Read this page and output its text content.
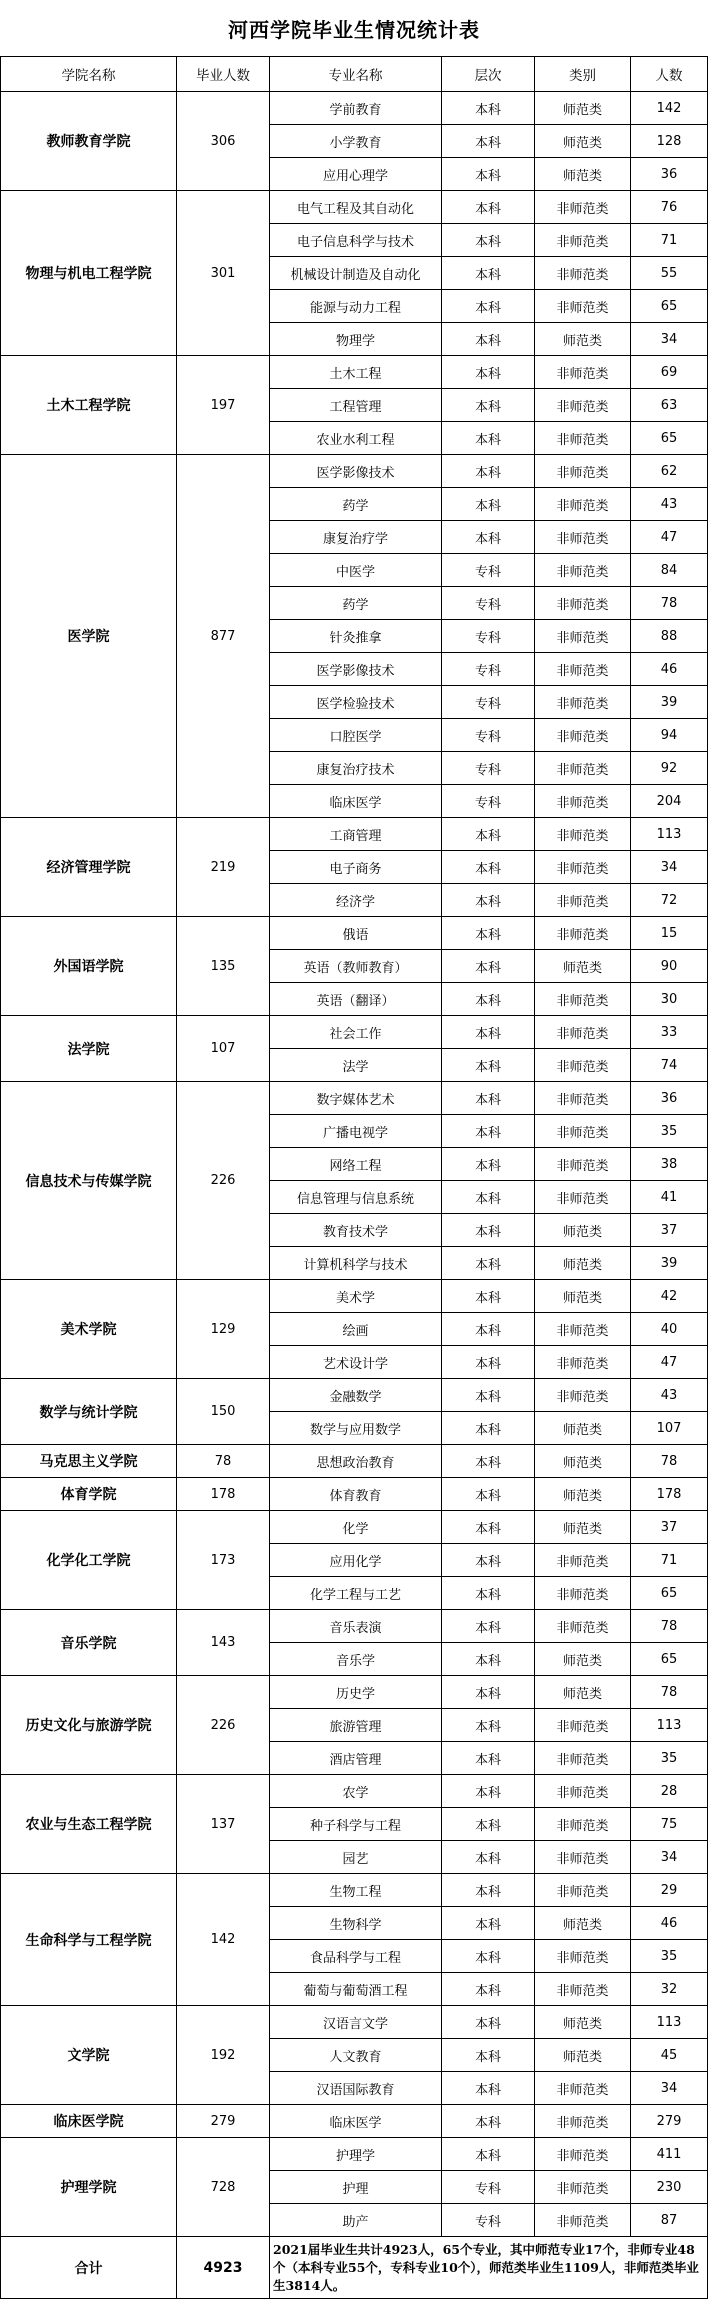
河西学院毕业生情况统计表
学院名称	毕业人数	专业名称	层次	类别	人数
教师教育学院	306	学前教育	本科	师范类	142
		小学教育	本科	师范类	128
		应用心理学	本科	师范类	36
物理与机电工程学院	301	电气工程及其自动化	本科	非师范类	76
		电子信息科学与技术	本科	非师范类	71
		机械设计制造及自动化	本科	非师范类	55
		能源与动力工程	本科	非师范类	65
		物理学	本科	师范类	34
土木工程学院	197	土木工程	本科	非师范类	69
		工程管理	本科	非师范类	63
		农业水利工程	本科	非师范类	65
医学院	877	医学影像技术	本科	非师范类	62
		药学	本科	非师范类	43
		康复治疗学	本科	非师范类	47
		中医学	专科	非师范类	84
		药学	专科	非师范类	78
		针灸推拿	专科	非师范类	88
		医学影像技术	专科	非师范类	46
		医学检验技术	专科	非师范类	39
		口腔医学	专科	非师范类	94
		康复治疗技术	专科	非师范类	92
		临床医学	专科	非师范类	204
经济管理学院	219	工商管理	本科	非师范类	113
		电子商务	本科	非师范类	34
		经济学	本科	非师范类	72
外国语学院	135	俄语	本科	非师范类	15
		英语（教师教育）	本科	师范类	90
		英语（翻译）	本科	非师范类	30
法学院	107	社会工作	本科	非师范类	33
		法学	本科	非师范类	74
信息技术与传媒学院	226	数字媒体艺术	本科	非师范类	36
		广播电视学	本科	非师范类	35
		网络工程	本科	非师范类	38
		信息管理与信息系统	本科	非师范类	41
		教育技术学	本科	师范类	37
		计算机科学与技术	本科	师范类	39
美术学院	129	美术学	本科	师范类	42
		绘画	本科	非师范类	40
		艺术设计学	本科	非师范类	47
数学与统计学院	150	金融数学	本科	非师范类	43
		数学与应用数学	本科	师范类	107
马克思主义学院	78	思想政治教育	本科	师范类	78
体育学院	178	体育教育	本科	师范类	178
化学化工学院	173	化学	本科	师范类	37
		应用化学	本科	非师范类	71
		化学工程与工艺	本科	非师范类	65
音乐学院	143	音乐表演	本科	非师范类	78
		音乐学	本科	师范类	65
历史文化与旅游学院	226	历史学	本科	师范类	78
		旅游管理	本科	非师范类	113
		酒店管理	本科	非师范类	35
农业与生态工程学院	137	农学	本科	非师范类	28
		种子科学与工程	本科	非师范类	75
		园艺	本科	非师范类	34
生命科学与工程学院	142	生物工程	本科	非师范类	29
		生物科学	本科	师范类	46
		食品科学与工程	本科	非师范类	35
		葡萄与葡萄酒工程	本科	非师范类	32
文学院	192	汉语言文学	本科	师范类	113
		人文教育	本科	师范类	45
		汉语国际教育	本科	非师范类	34
临床医学院	279	临床医学	本科	非师范类	279
护理学院	728	护理学	本科	非师范类	411
		护理	专科	非师范类	230
		助产	专科	非师范类	87
合计	4923	2021届毕业生共计4923人，65个专业，其中师范专业17个，非师专业48个（本科专业55个，专科专业10个），师范类毕业生1109人，非师范类毕业生3814人。			
